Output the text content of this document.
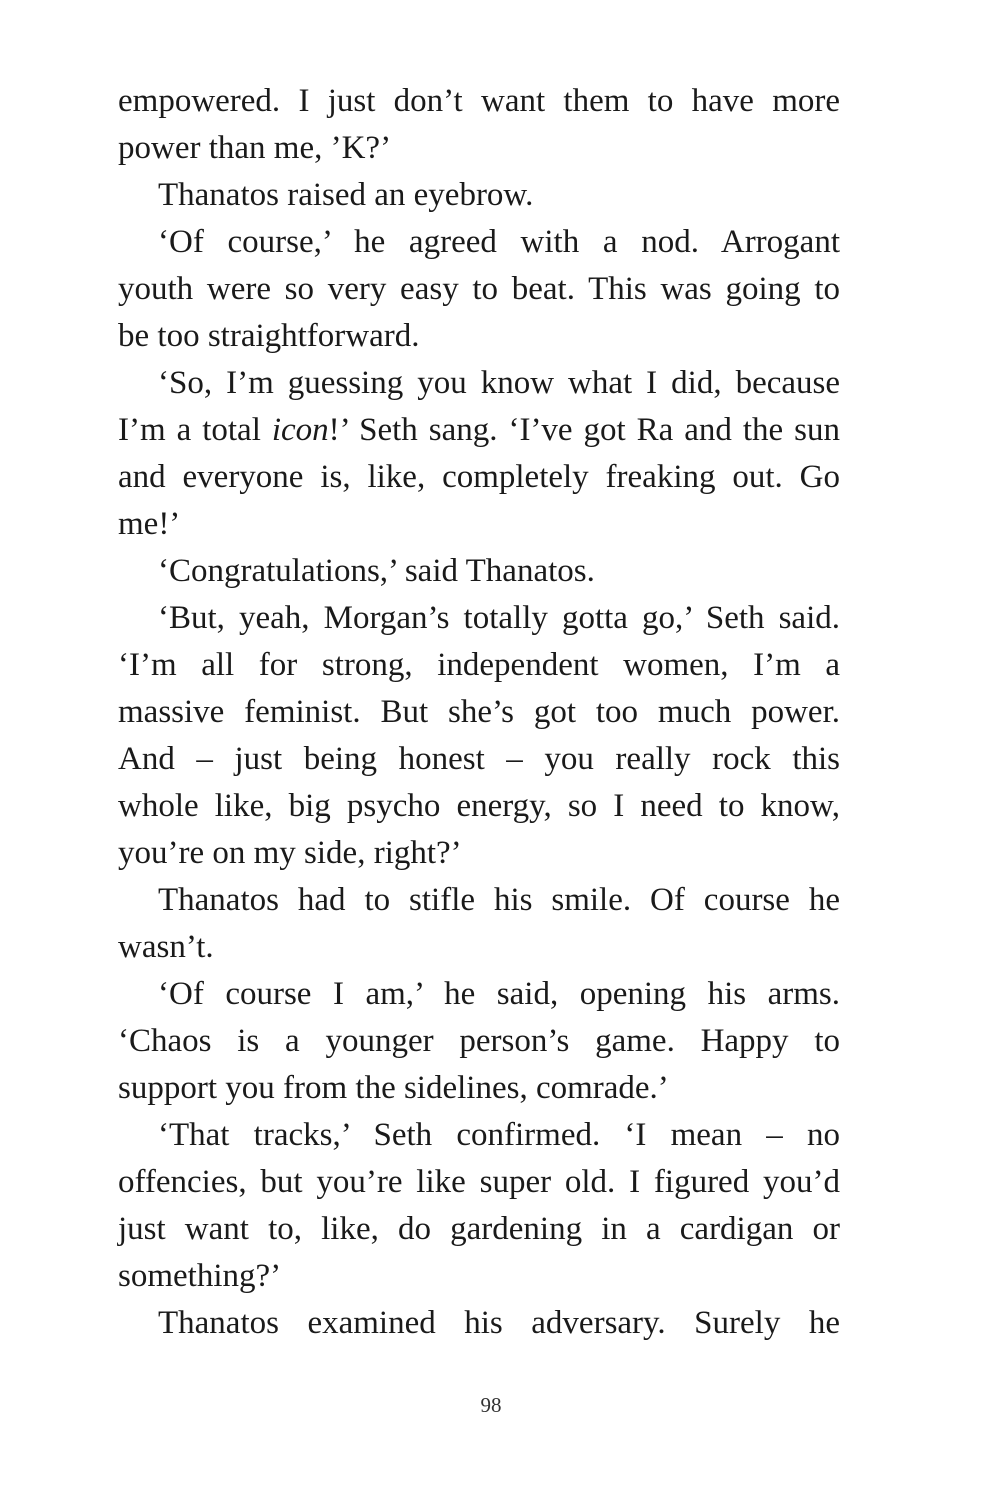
empowered. I just don’t want them to have more
power than me, ’K?’
Thanatos raised an eyebrow.
‘Of course,’ he agreed with a nod. Arrogant
youth were so very easy to beat. This was going to
be too straightforward.
‘So, I’m guessing you know what I did, because
I’m a total icon!’ Seth sang. ‘I’ve got Ra and the sun
and everyone is, like, completely freaking out. Go
me!’
‘Congratulations,’ said Thanatos.
‘But, yeah, Morgan’s totally gotta go,’ Seth said.
‘I’m all for strong, independent women, I’m a
massive feminist. But she’s got too much power.
And – just being honest – you really rock this
whole like, big psycho energy, so I need to know,
you’re on my side, right?’
Thanatos had to stifle his smile. Of course he
wasn’t.
‘Of course I am,’ he said, opening his arms.
‘Chaos is a younger person’s game. Happy to
support you from the sidelines, comrade.’
‘That tracks,’ Seth confirmed. ‘I mean – no
offencies, but you’re like super old. I figured you’d
just want to, like, do gardening in a cardigan or
something?’
Thanatos examined his adversary. Surely he
98
